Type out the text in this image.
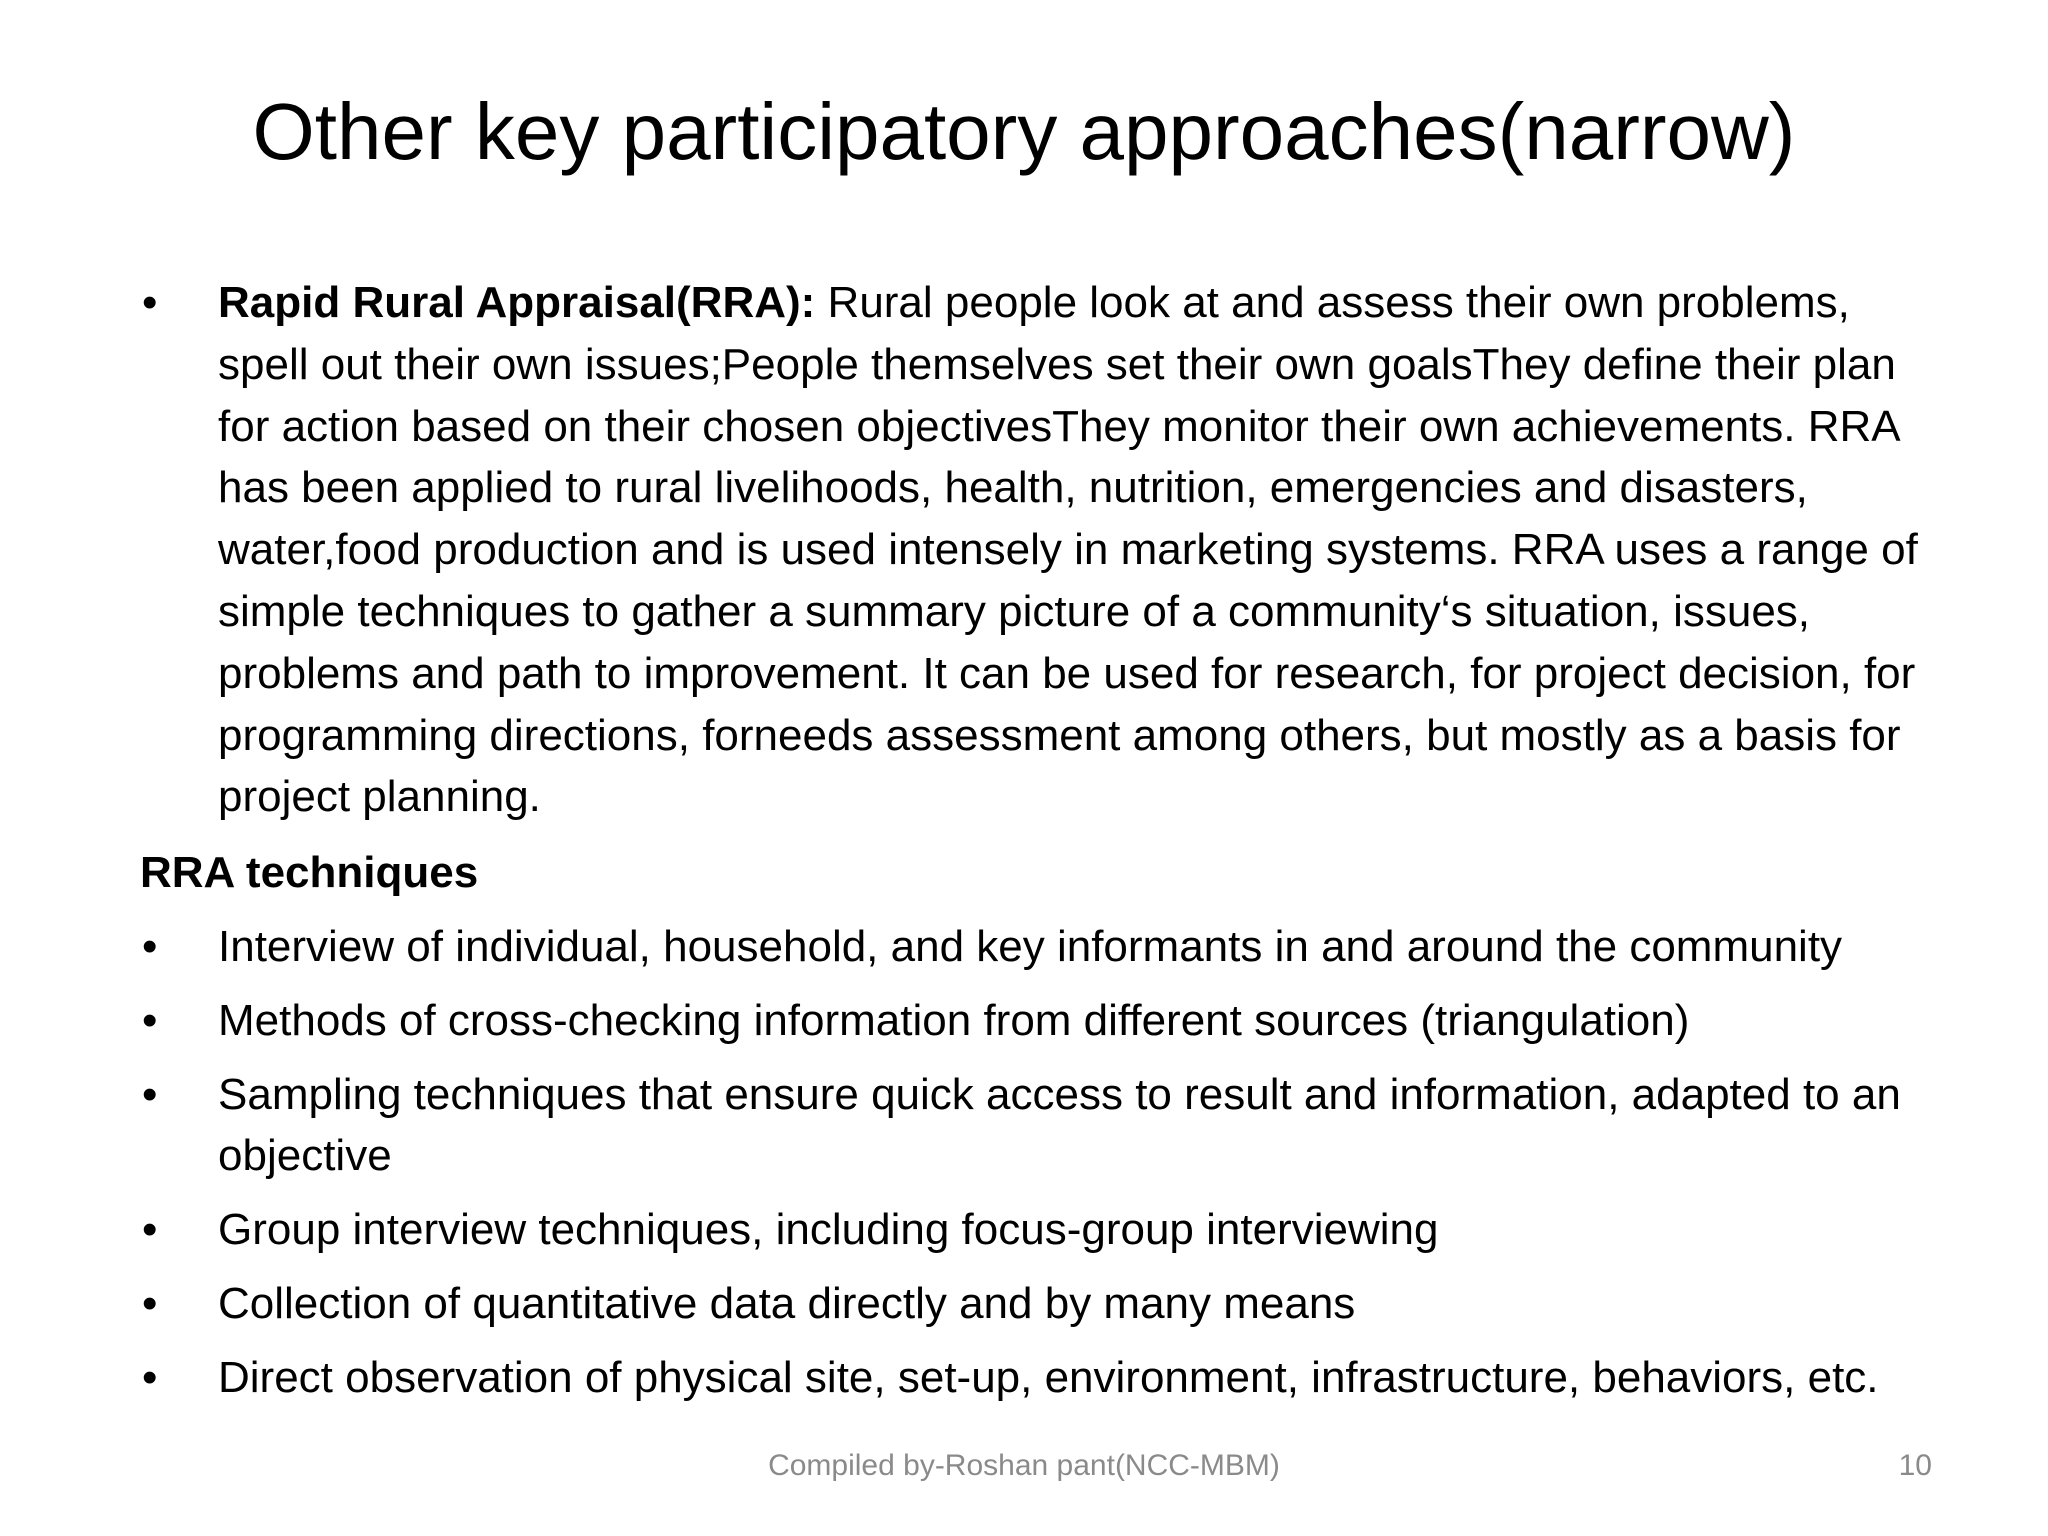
Other key participatory approaches(narrow)
• Rapid Rural Appraisal(RRA): Rural people look at and assess their own problems, spell out their own issues;People themselves set their own goalsThey define their plan for action based on their chosen objectivesThey monitor their own achievements. RRA has been applied to rural livelihoods, health, nutrition, emergencies and disasters, water,food production and is used intensely in marketing systems. RRA uses a range of simple techniques to gather a summary picture of a community‘s situation, issues, problems and path to improvement. It can be used for research, for project decision, for programming directions, forneeds assessment among others, but mostly as a basis for project planning.
RRA techniques
• Interview of individual, household, and key informants in and around the community
• Methods of cross-checking information from different sources (triangulation)
• Sampling techniques that ensure quick access to result and information, adapted to an objective
• Group interview techniques, including focus-group interviewing
• Collection of quantitative data directly and by many means
• Direct observation of physical site, set-up, environment, infrastructure, behaviors, etc.
Compiled by-Roshan pant(NCC-MBM)	10
